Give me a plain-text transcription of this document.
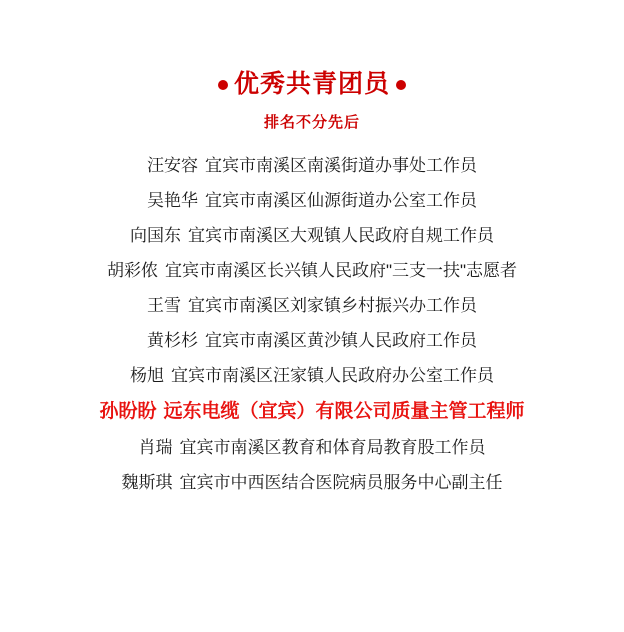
优秀共青团员
排名不分先后
汪安容 宜宾市南溪区南溪街道办事处工作员
吴艳华 宜宾市南溪区仙源街道办公室工作员
向国东 宜宾市南溪区大观镇人民政府自规工作员
胡彩侬 宜宾市南溪区长兴镇人民政府"三支一扶"志愿者
王雪 宜宾市南溪区刘家镇乡村振兴办工作员
黄杉杉 宜宾市南溪区黄沙镇人民政府工作员
杨旭 宜宾市南溪区汪家镇人民政府办公室工作员
孙盼盼 远东电缆（宜宾）有限公司质量主管工程师
肖瑞 宜宾市南溪区教育和体育局教育股工作员
魏斯琪 宜宾市中西医结合医院病员服务中心副主任
